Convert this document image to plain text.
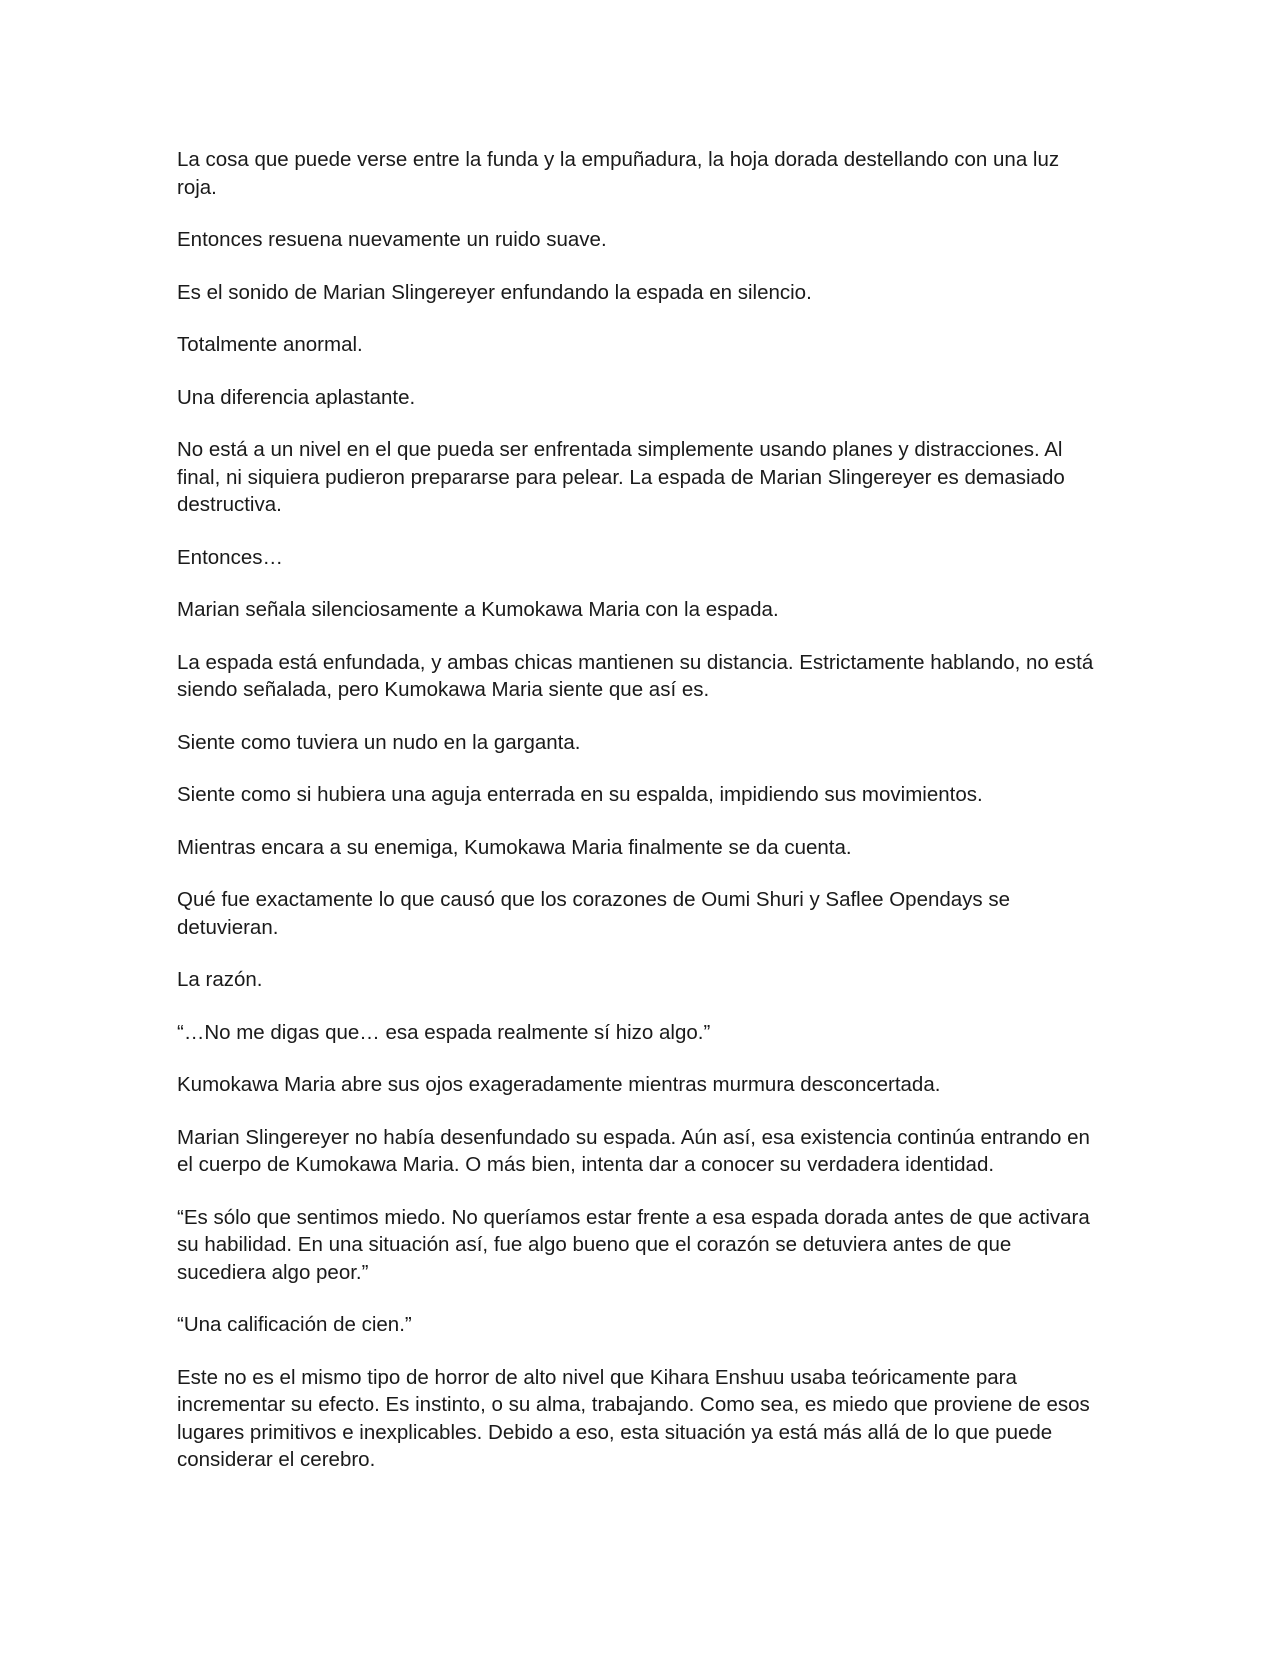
La cosa que puede verse entre la funda y la empuñadura, la hoja dorada destellando con una luz roja.

Entonces resuena nuevamente un ruido suave.

Es el sonido de Marian Slingereyer enfundando la espada en silencio.

Totalmente anormal.

Una diferencia aplastante.

No está a un nivel en el que pueda ser enfrentada simplemente usando planes y distracciones. Al final, ni siquiera pudieron prepararse para pelear. La espada de Marian Slingereyer es demasiado destructiva.

Entonces…

Marian señala silenciosamente a Kumokawa Maria con la espada.

La espada está enfundada, y ambas chicas mantienen su distancia. Estrictamente hablando, no está siendo señalada, pero Kumokawa Maria siente que así es.

Siente como tuviera un nudo en la garganta.

Siente como si hubiera una aguja enterrada en su espalda, impidiendo sus movimientos.

Mientras encara a su enemiga, Kumokawa Maria finalmente se da cuenta.

Qué fue exactamente lo que causó que los corazones de Oumi Shuri y Saflee Opendays se detuvieran.

La razón.

“…No me digas que… esa espada realmente sí hizo algo.”

Kumokawa Maria abre sus ojos exageradamente mientras murmura desconcertada.

Marian Slingereyer no había desenfundado su espada. Aún así, esa existencia continúa entrando en el cuerpo de Kumokawa Maria. O más bien, intenta dar a conocer su verdadera identidad.

“Es sólo que sentimos miedo. No queríamos estar frente a esa espada dorada antes de que activara su habilidad. En una situación así, fue algo bueno que el corazón se detuviera antes de que sucediera algo peor.”

“Una calificación de cien.”

Este no es el mismo tipo de horror de alto nivel que Kihara Enshuu usaba teóricamente para incrementar su efecto. Es instinto, o su alma, trabajando. Como sea, es miedo que proviene de esos lugares primitivos e inexplicables. Debido a eso, esta situación ya está más allá de lo que puede considerar el cerebro.
